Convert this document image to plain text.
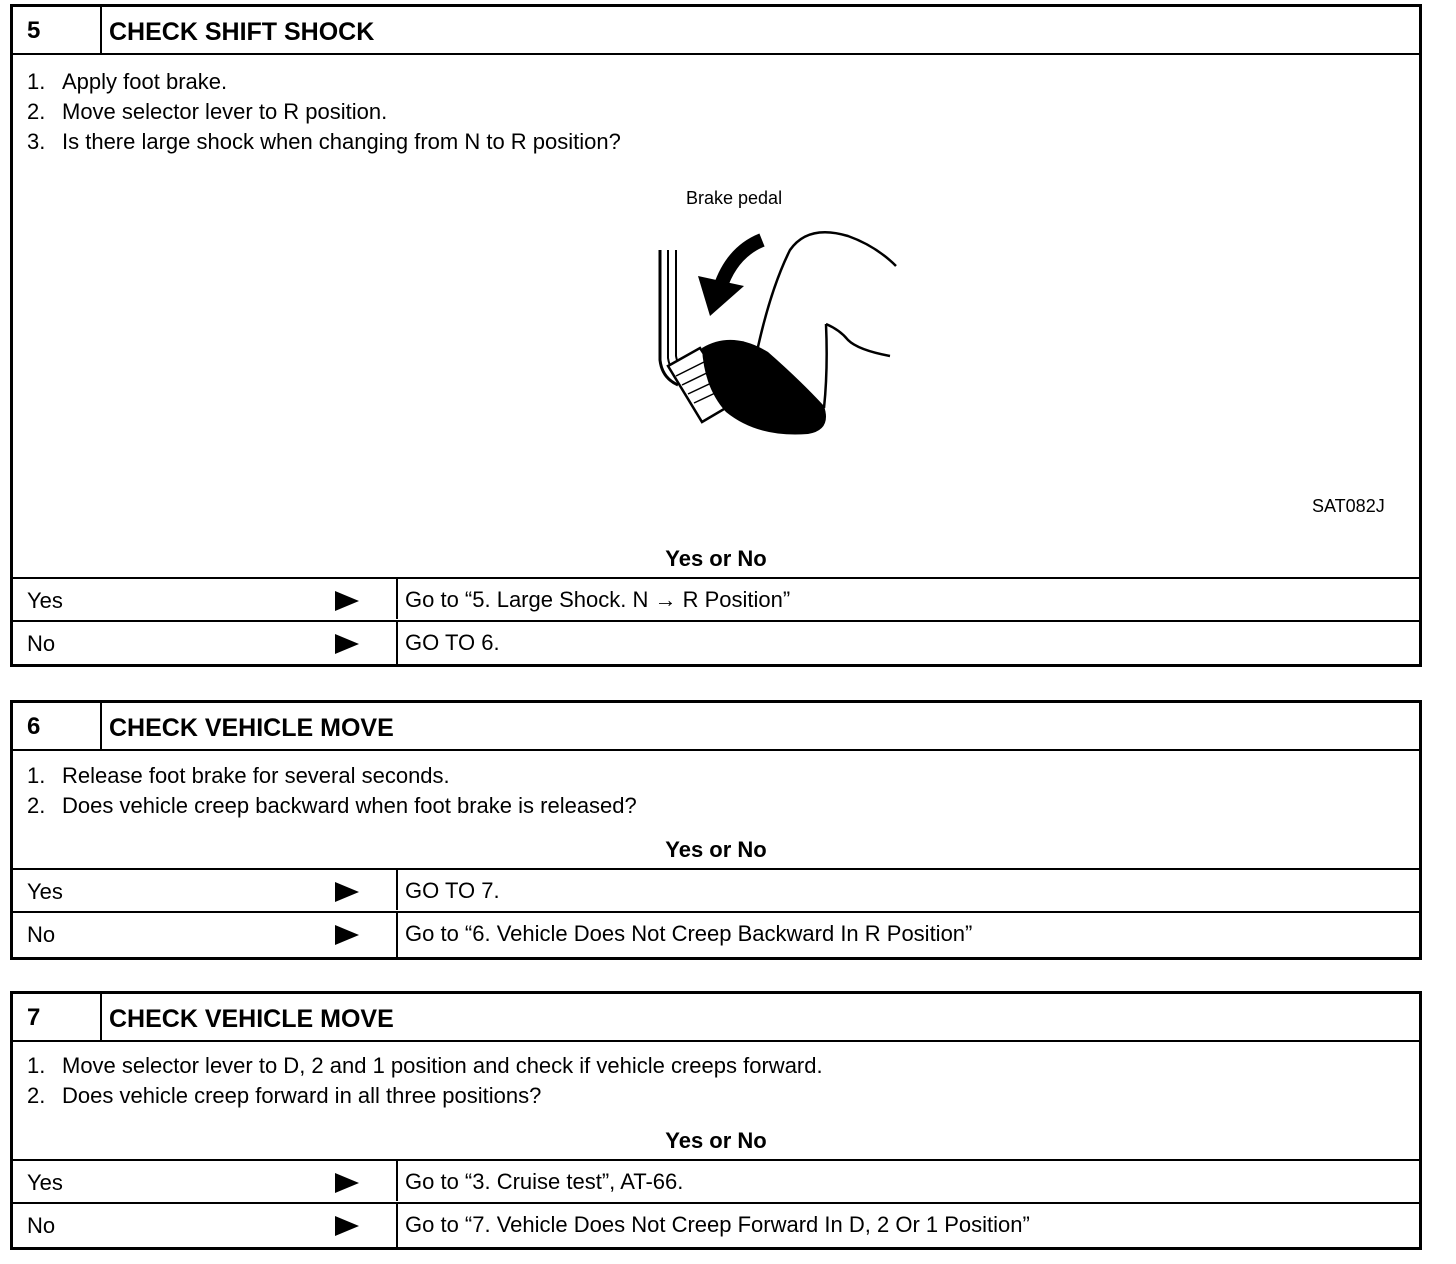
5	CHECK SHIFT SHOCK
1. Apply foot brake.
2. Move selector lever to R position.
3. Is there large shock when changing from N to R position?
Yes or No
Yes	Go to “5. Large Shock. N → R Position”
No	GO TO 6.
Brake pedal
SAT082J
6	CHECK VEHICLE MOVE
1. Release foot brake for several seconds.
2. Does vehicle creep backward when foot brake is released?
Yes or No
Yes	GO TO 7.
No	Go to “6. Vehicle Does Not Creep Backward In R Position”
7	CHECK VEHICLE MOVE
1. Move selector lever to D, 2 and 1 position and check if vehicle creeps forward.
2. Does vehicle creep forward in all three positions?
Yes or No
Yes	Go to “3. Cruise test”, AT-66.
No	Go to “7. Vehicle Does Not Creep Forward In D, 2 Or 1 Position”
